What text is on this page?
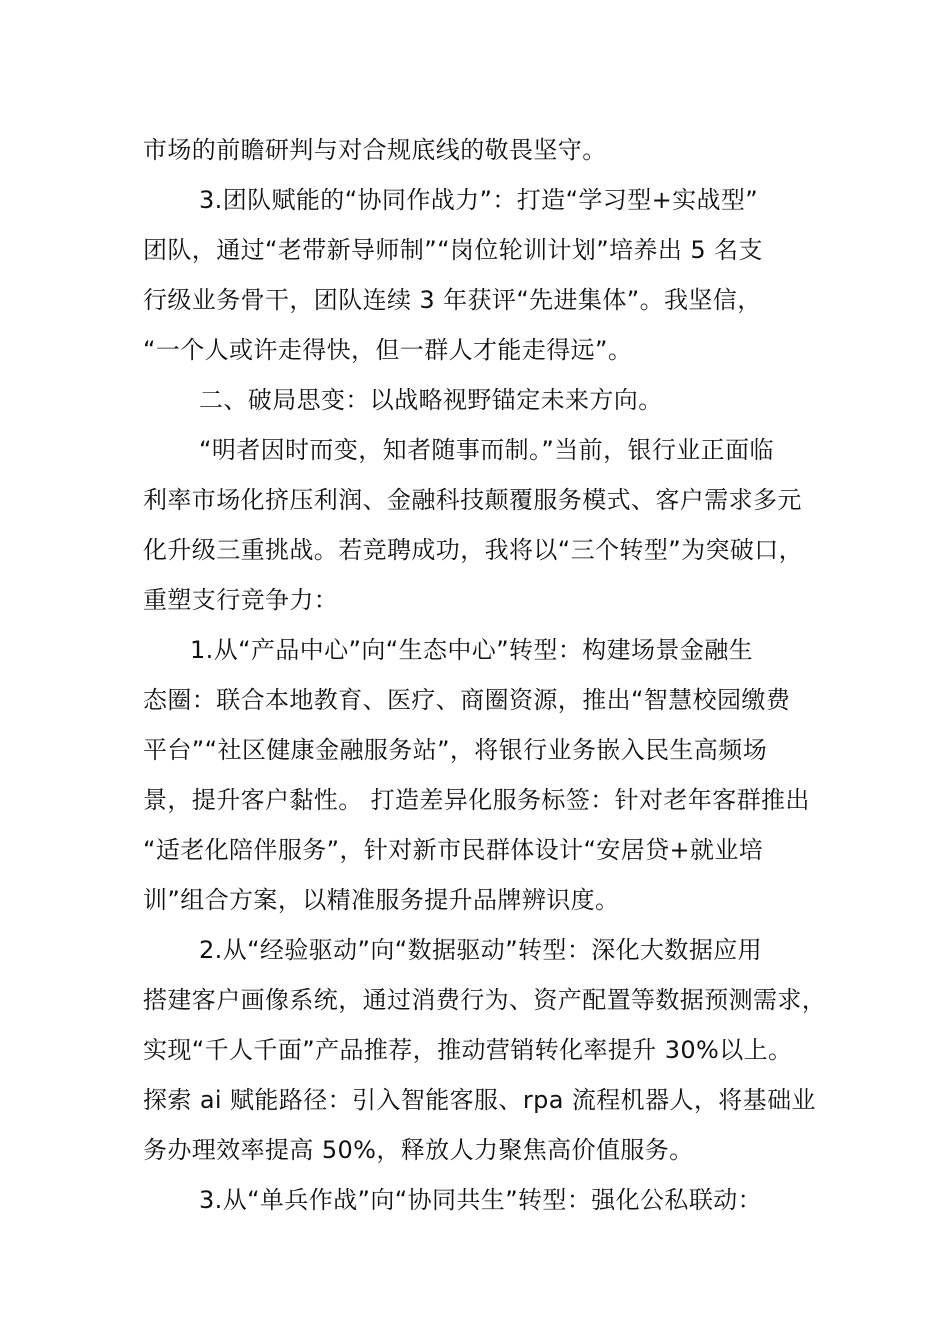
市场的前瞻研判与对合规底线的敬畏坚守。
3.团队赋能的“协同作战力”：打造“学习型+实战型”
团队，通过“老带新导师制”“岗位轮训计划”培养出 5 名支
行级业务骨干，团队连续 3 年获评“先进集体”。我坚信，
“一个人或许走得快，但一群人才能走得远”。
二、破局思变：以战略视野锚定未来方向。
“明者因时而变，知者随事而制。”当前，银行业正面临
利率市场化挤压利润、金融科技颠覆服务模式、客户需求多元
化升级三重挑战。若竞聘成功，我将以“三个转型”为突破口，
重塑支行竞争力：
1.从“产品中心”向“生态中心”转型：构建场景金融生
态圈：联合本地教育、医疗、商圈资源，推出“智慧校园缴费
平台”“社区健康金融服务站”，将银行业务嵌入民生高频场
景，提升客户黏性。 打造差异化服务标签：针对老年客群推出
“适老化陪伴服务”，针对新市民群体设计“安居贷+就业培
训”组合方案，以精准服务提升品牌辨识度。
2.从“经验驱动”向“数据驱动”转型：深化大数据应用
搭建客户画像系统，通过消费行为、资产配置等数据预测需求，
实现“千人千面”产品推荐，推动营销转化率提升 30%以上。
探索 ai 赋能路径：引入智能客服、rpa 流程机器人，将基础业
务办理效率提高 50%，释放人力聚焦高价值服务。
3.从“单兵作战”向“协同共生”转型：强化公私联动：
